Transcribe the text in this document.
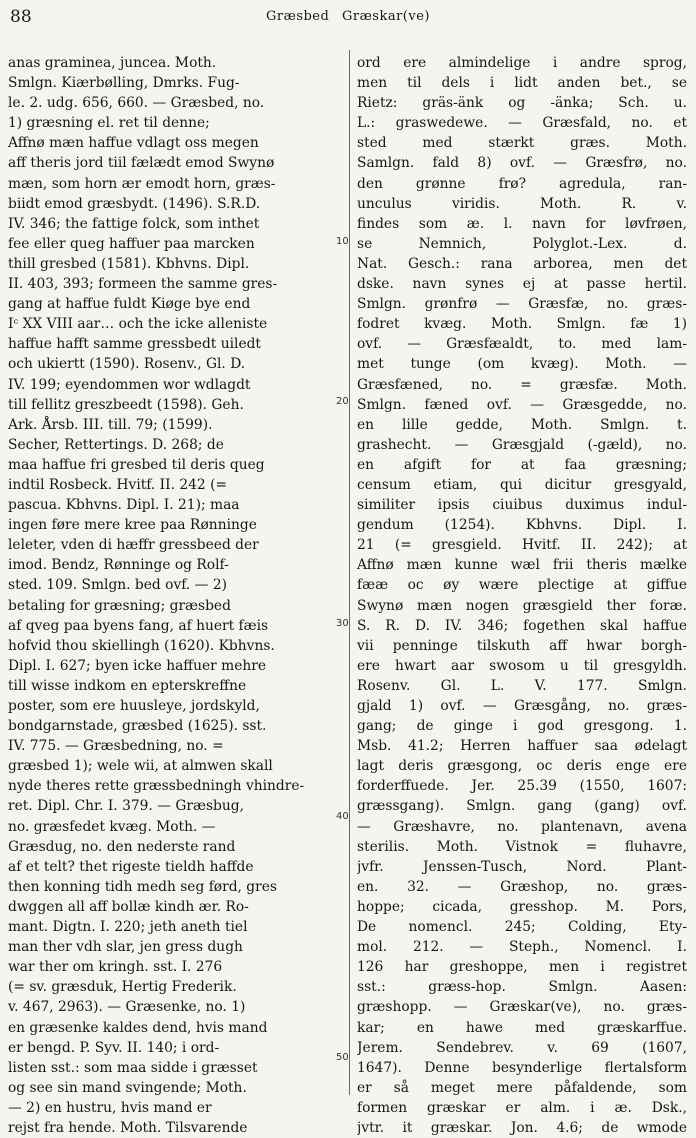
88	Græsbed Græskar(ve)
anas graminea, juncea. Moth.
Smlgn. Kiærbølling, Dmrks. Fug-
le. 2. udg. 656, 660. — Græsbed, no.
1) græsning el. ret til denne;
Affnø mæn haffue vdlagt oss megen
aff theris jord tiil fælædt emod Swynø
mæn, som horn ær emodt horn, græs-
biidt emod græsbydt. (1496). S.R.D.
IV. 346; the fattige folck, som inthet
fee eller queg haffuer paa marcken
thill gresbed (1581). Kbhvns. Dipl.
II. 403, 393; formeen the samme gres-
gang at haffue fuldt Kiøge bye end
Iᶜ XX VIII aar… och the icke alleniste
haffue hafft samme gressbedt uiledt
och ukiertt (1590). Rosenv., Gl. D.
IV. 199; eyendommen wor wdlagdt
till fellitz greszbeedt (1598). Geh.
Ark. Årsb. III. till. 79; (1599).
Secher, Rettertings. D. 268; de
maa haffue fri gresbed til deris queg
indtil Rosbeck. Hvitf. II. 242 (=
pascua. Kbhvns. Dipl. I. 21); maa
ingen føre mere kree paa Rønninge
leleter, vden di hæffr gressbeed der
imod. Bendz, Rønninge og Rolf-
sted. 109. Smlgn. bed ovf. — 2)
betaling for græsning; græsbed
af qveg paa byens fang, af huert fæis
hofvid thou skiellingh (1620). Kbhvns.
Dipl. I. 627; byen icke haffuer mehre
till wisse indkom en epterskreffne
poster, som ere huusleye, jordskyld,
bondgarnstade, græsbed (1625). sst.
IV. 775. — Græsbedning, no. =
græsbed 1); wele wii, at almwen skall
nyde theres rette græssbedningh vhindre-
ret. Dipl. Chr. I. 379. — Græsbug,
no. græsfedet kvæg. Moth. —
Græsdug, no. den nederste rand
af et telt? thet rigeste tieldh haffde
then konning tidh medh seg førd, gres
dwggen all aff bollæ kindh ær. Ro-
mant. Digtn. I. 220; jeth aneth tiel
man ther vdh slar, jen gress dugh
war ther om kringh. sst. I. 276
(= sv. græsduk, Hertig Frederik.
v. 467, 2963). — Græsenke, no. 1)
en græsenke kaldes dend, hvis mand
er bengd. P. Syv. II. 140; i ord-
listen sst.: som maa sidde i græsset
og see sin mand svingende; Moth.
— 2) en hustru, hvis mand er
rejst fra hende. Moth. Tilsvarende
ord ere almindelige i andre sprog,
men til dels i lidt anden bet., se
Rietz: gräs-änk og -änka; Sch. u.
L.: graswedewe. — Græsfald, no. et
sted med stærkt græs. Moth.
Samlgn. fald 8) ovf. — Græsfrø, no.
den grønne frø? agredula, ran-
unculus viridis. Moth. R. v.
findes som æ. l. navn for løvfrøen,
se Nemnich, Polyglot.-Lex. d.
Nat. Gesch.: rana arborea, men det
dske. navn synes ej at passe hertil.
Smlgn. grønfrø — Græsfæ, no. græs-
fodret kvæg. Moth. Smlgn. fæ 1)
ovf. — Græsfæaldt, to. med lam-
met tunge (om kvæg). Moth. —
Græsfæned, no. = græsfæ. Moth.
Smlgn. fæned ovf. — Græsgedde, no.
en lille gedde, Moth. Smlgn. t.
grashecht. — Græsgjald (-gæld), no.
en afgift for at faa græsning;
censum etiam, qui dicitur gresgyald,
similiter ipsis ciuibus duximus indul-
gendum (1254). Kbhvns. Dipl. I.
21 (= gresgield. Hvitf. II. 242); at
Affnø mæn kunne wæl frii theris mælke
fææ oc øy wære plectige at giffue
Swynø mæn nogen græsgield ther foræ.
S. R. D. IV. 346; fogethen skal haffue
vii penninge tilskuth aff hwar borgh-
ere hwart aar swosom u til gresgyldh.
Rosenv. Gl. L. V. 177. Smlgn.
gjald 1) ovf. — Græsgång, no. græs-
gang; de ginge i god gresgong. 1.
Msb. 41.2; Herren haffuer saa ødelagt
lagt deris græsgong, oc deris enge ere
forderffuede. Jer. 25.39 (1550, 1607:
græssgang). Smlgn. gang (gang) ovf.
— Græshavre, no. plantenavn, avena
sterilis. Moth. Vistnok = fluhavre,
jvfr. Jenssen-Tusch, Nord. Plant-
en. 32. — Græshop, no. græs-
hoppe; cicada, gresshop. M. Pors,
De nomencl. 245; Colding, Ety-
mol. 212. — Steph., Nomencl. I.
126 har greshoppe, men i registret
sst.: græss-hop. Smlgn. Aasen:
græshopp. — Græskar(ve), no. græs-
kar; en hawe med græskarffue.
Jerem. Sendebrev. v. 69 (1607,
1647). Denne besynderlige flertalsform
er så meget mere påfaldende, som
formen græskar er alm. i æ. Dsk.,
jvtr. it græskar. Jon. 4.6; de wmode
10
20
30
40
50
